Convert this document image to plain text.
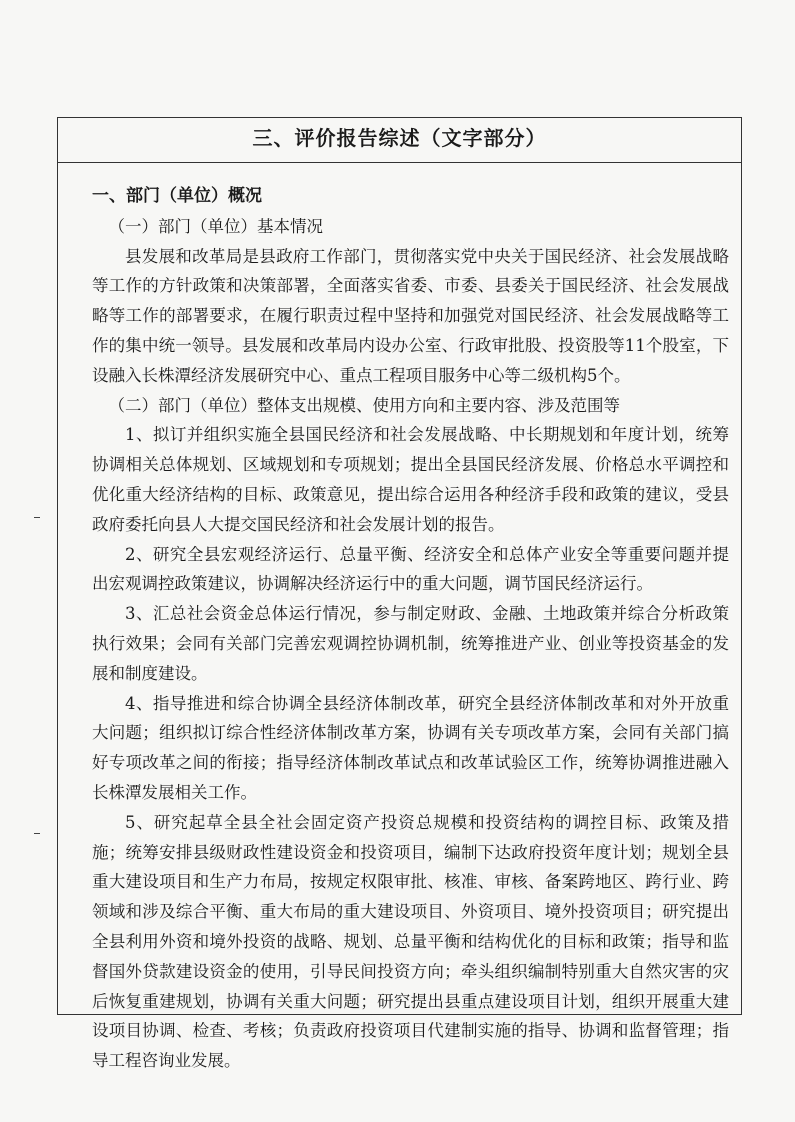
三、评价报告综述（文字部分）
一、部门（单位）概况

（一）部门（单位）基本情况

县发展和改革局是县政府工作部门，贯彻落实党中央关于国民经济、社会发展战略等工作的方针政策和决策部署，全面落实省委、市委、县委关于国民经济、社会发展战略等工作的部署要求，在履行职责过程中坚持和加强党对国民经济、社会发展战略等工作的集中统一领导。县发展和改革局内设办公室、行政审批股、投资股等11个股室，下设融入长株潭经济发展研究中心、重点工程项目服务中心等二级机构5个。

（二）部门（单位）整体支出规模、使用方向和主要内容、涉及范围等

1、拟订并组织实施全县国民经济和社会发展战略、中长期规划和年度计划，统筹协调相关总体规划、区域规划和专项规划；提出全县国民经济发展、价格总水平调控和优化重大经济结构的目标、政策意见，提出综合运用各种经济手段和政策的建议，受县政府委托向县人大提交国民经济和社会发展计划的报告。

2、研究全县宏观经济运行、总量平衡、经济安全和总体产业安全等重要问题并提出宏观调控政策建议，协调解决经济运行中的重大问题，调节国民经济运行。

3、汇总社会资金总体运行情况，参与制定财政、金融、土地政策并综合分析政策执行效果；会同有关部门完善宏观调控协调机制，统筹推进产业、创业等投资基金的发展和制度建设。

4、指导推进和综合协调全县经济体制改革，研究全县经济体制改革和对外开放重大问题；组织拟订综合性经济体制改革方案，协调有关专项改革方案，会同有关部门搞好专项改革之间的衔接；指导经济体制改革试点和改革试验区工作，统筹协调推进融入长株潭发展相关工作。

5、研究起草全县全社会固定资产投资总规模和投资结构的调控目标、政策及措施；统筹安排县级财政性建设资金和投资项目，编制下达政府投资年度计划；规划全县重大建设项目和生产力布局，按规定权限审批、核准、审核、备案跨地区、跨行业、跨领域和涉及综合平衡、重大布局的重大建设项目、外资项目、境外投资项目；研究提出全县利用外资和境外投资的战略、规划、总量平衡和结构优化的目标和政策；指导和监督国外贷款建设资金的使用，引导民间投资方向；牵头组织编制特别重大自然灾害的灾后恢复重建规划，协调有关重大问题；研究提出县重点建设项目计划，组织开展重大建设项目协调、检查、考核；负责政府投资项目代建制实施的指导、协调和监督管理；指导工程咨询业发展。
